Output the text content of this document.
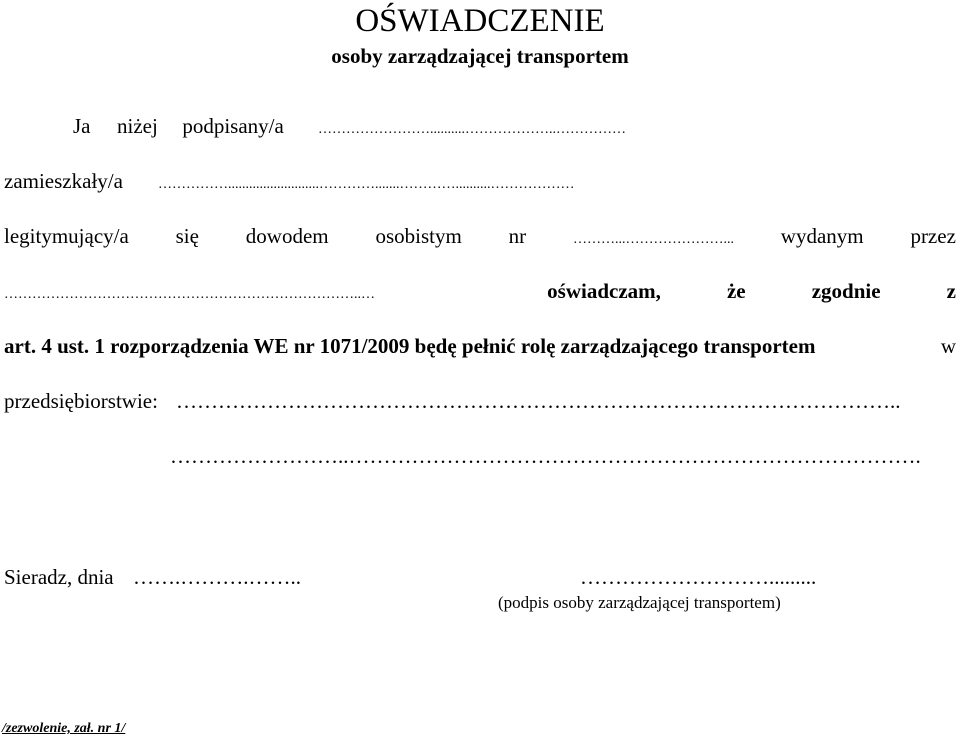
OŚWIADCZENIE
osoby zarządzającej transportem
Ja niżej podpisany/a ……………………..........………………..……………
zamieszkały/a	……………..........................………….......…………..........………………
legitymujący/a się dowodem osobistym nr	………...…………………... wydanym przez
…………………………………………………………………..…	oświadczam,	że	zgodnie	z
art. 4 ust. 1 rozporządzenia WE nr 1071/2009 będę pełnić rolę zarządzającego transportem	w
przedsiębiorstwie: …………………………………………………………………………………………..
……………………..……………………………………………………………………….
Sieradz, dnia …….……….……..	……………………….........
(podpis osoby zarządzającej transportem)
/zezwolenie, zał. nr 1/
